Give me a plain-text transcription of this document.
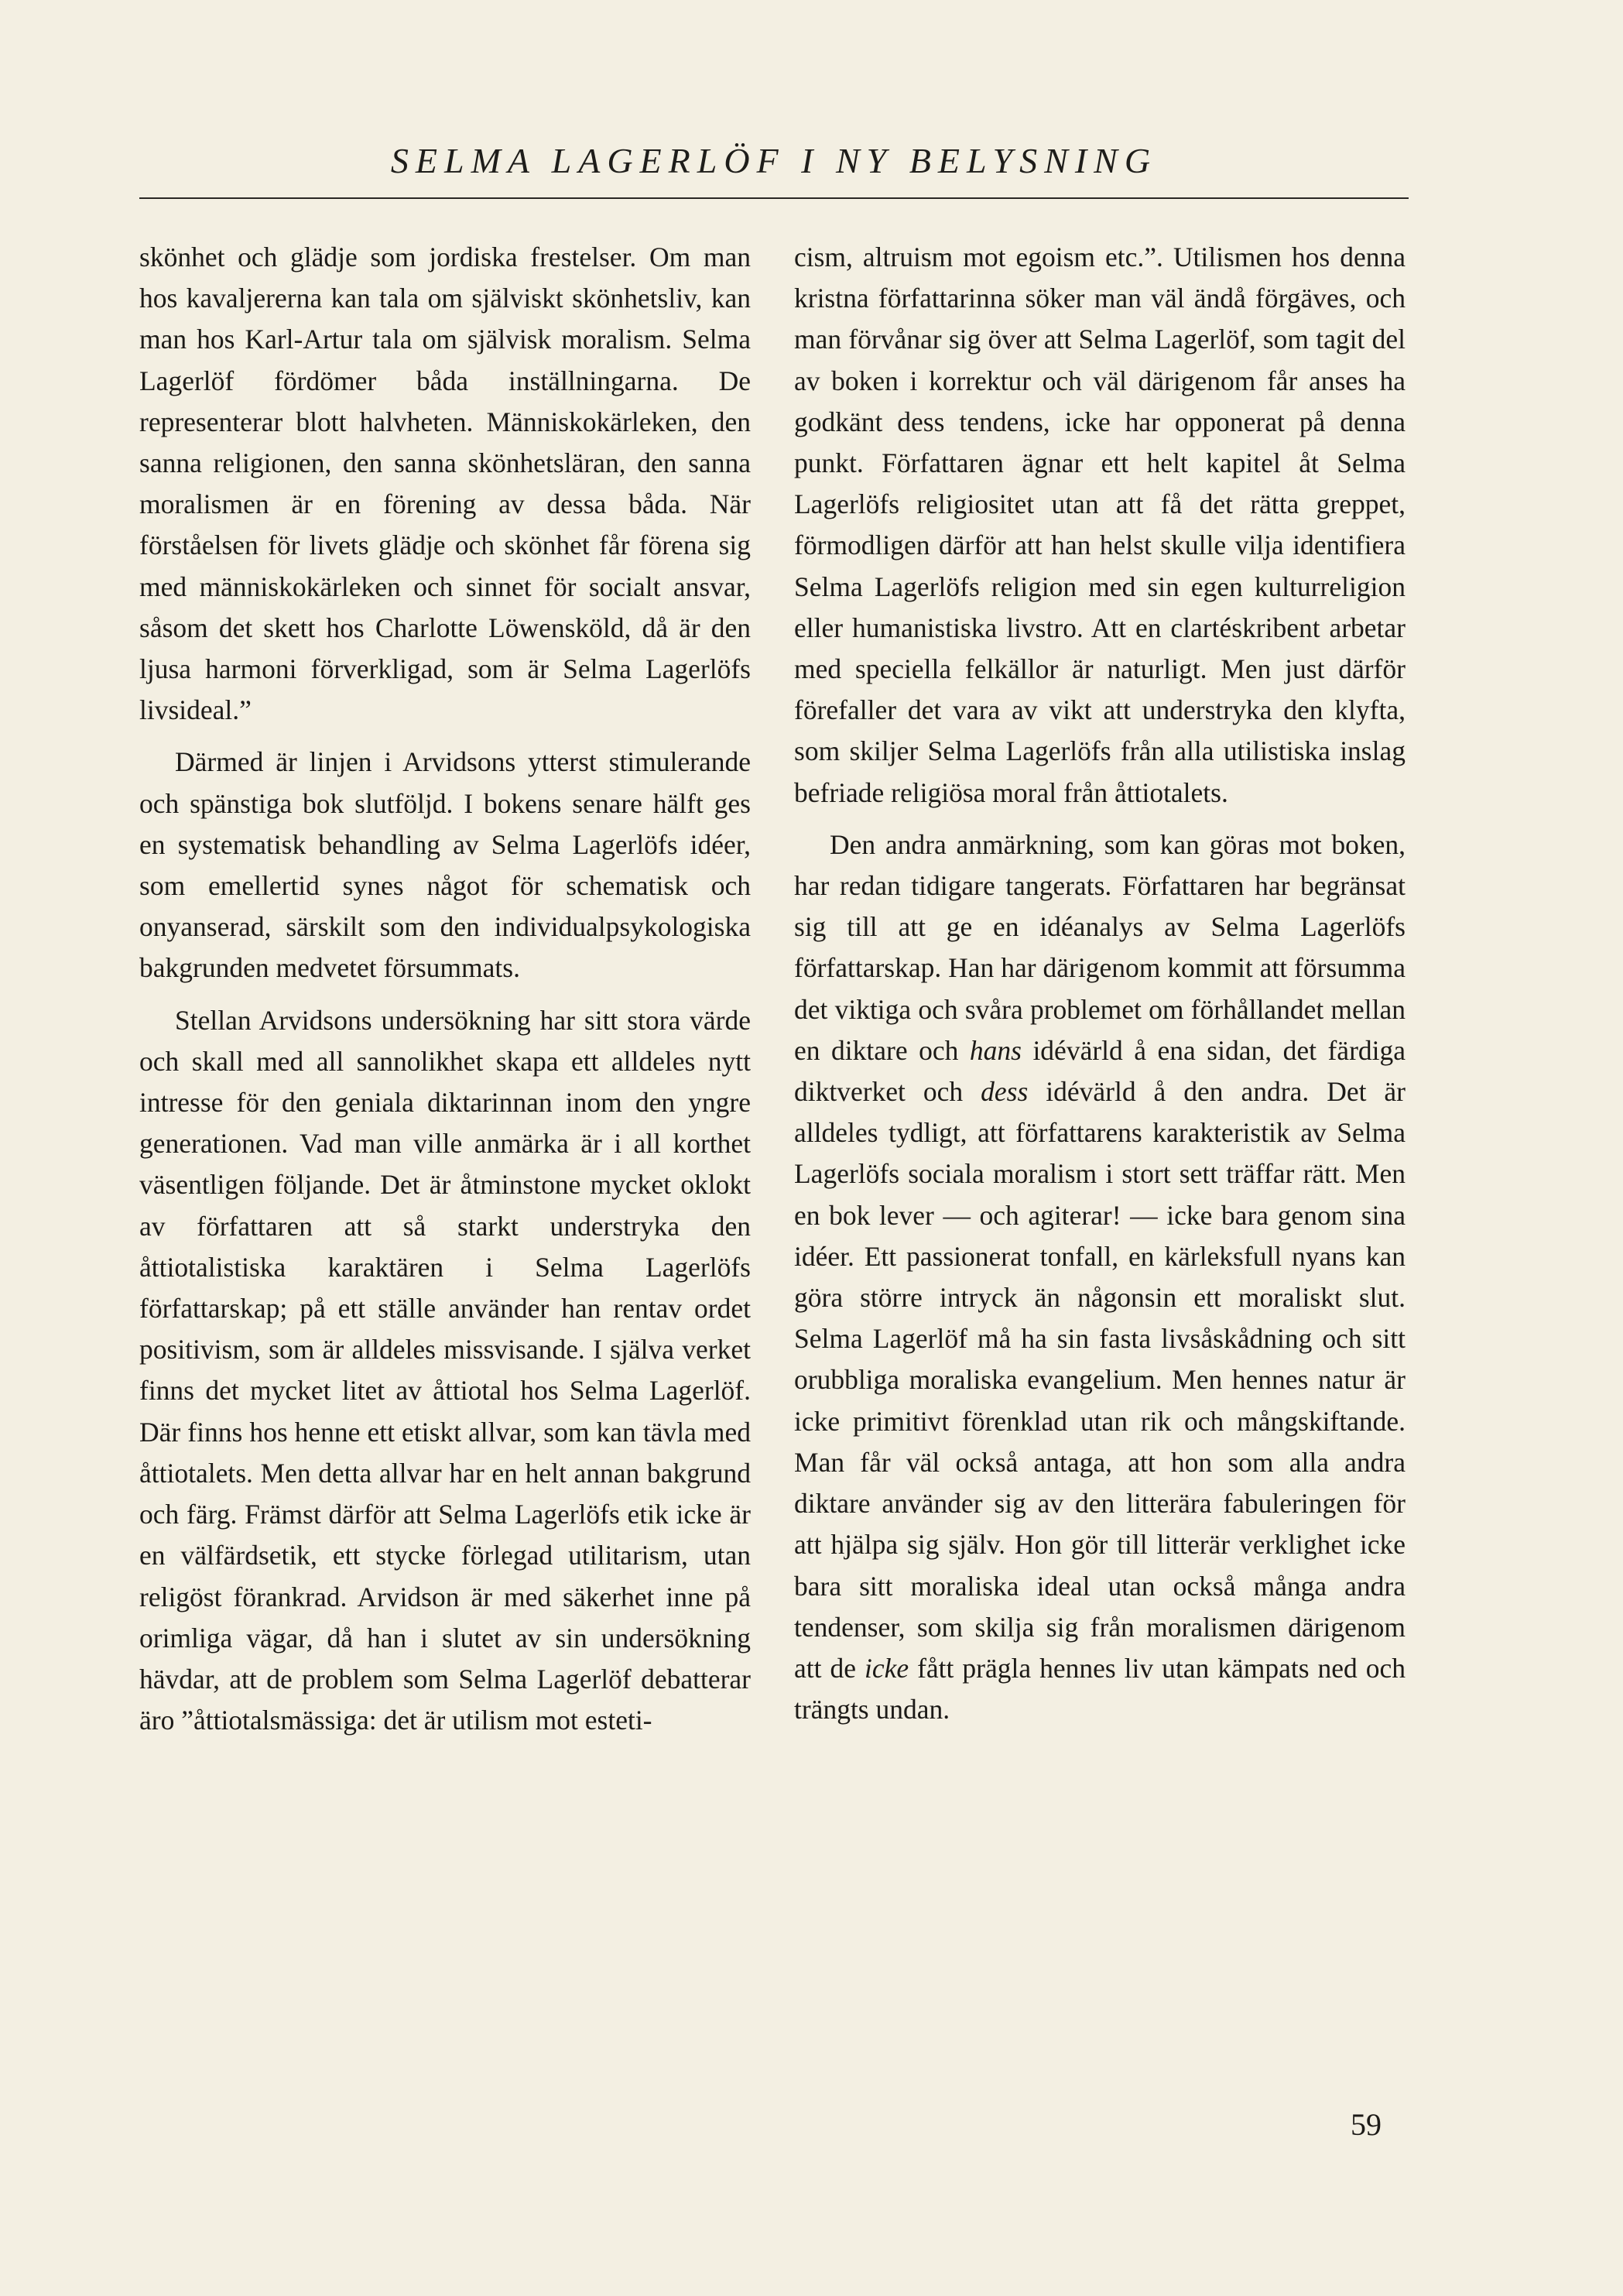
SELMA LAGERLÖF I NY BELYSNING

skönhet och glädje som jordiska frestelser. Om man hos kavaljererna kan tala om själviskt skönhetsliv, kan man hos Karl-Artur tala om självisk moralism. Selma Lagerlöf fördömer båda inställningarna. De representerar blott halvheten. Människokärleken, den sanna religionen, den sanna skönhetsläran, den sanna moralismen är en förening av dessa båda. När förståelsen för livets glädje och skönhet får förena sig med människokärleken och sinnet för socialt ansvar, såsom det skett hos Charlotte Löwensköld, då är den ljusa harmoni förverkligad, som är Selma Lagerlöfs livsideal.”

Därmed är linjen i Arvidsons ytterst stimulerande och spänstiga bok slutföljd. I bokens senare hälft ges en systematisk behandling av Selma Lagerlöfs idéer, som emellertid synes något för schematisk och onyanserad, särskilt som den individualpsykologiska bakgrunden medvetet försummats.

Stellan Arvidsons undersökning har sitt stora värde och skall med all sannolikhet skapa ett alldeles nytt intresse för den geniala diktarinnan inom den yngre generationen. Vad man ville anmärka är i all korthet väsentligen följande. Det är åtminstone mycket oklokt av författaren att så starkt understryka den åttiotalistiska karaktären i Selma Lagerlöfs författarskap; på ett ställe använder han rentav ordet positivism, som är alldeles missvisande. I själva verket finns det mycket litet av åttiotal hos Selma Lagerlöf. Där finns hos henne ett etiskt allvar, som kan tävla med åttiotalets. Men detta allvar har en helt annan bakgrund och färg. Främst därför att Selma Lagerlöfs etik icke är en välfärdsetik, ett stycke förlegad utilitarism, utan religöst förankrad. Arvidson är med säkerhet inne på orimliga vägar, då han i slutet av sin undersökning hävdar, att de problem som Selma Lagerlöf debatterar äro ”åttiotalsmässiga: det är utilism mot esteti-

cism, altruism mot egoism etc.”. Utilismen hos denna kristna författarinna söker man väl ändå förgäves, och man förvånar sig över att Selma Lagerlöf, som tagit del av boken i korrektur och väl därigenom får anses ha godkänt dess tendens, icke har opponerat på denna punkt. Författaren ägnar ett helt kapitel åt Selma Lagerlöfs religiositet utan att få det rätta greppet, förmodligen därför att han helst skulle vilja identifiera Selma Lagerlöfs religion med sin egen kulturreligion eller humanistiska livstro. Att en clartéskribent arbetar med speciella felkällor är naturligt. Men just därför förefaller det vara av vikt att understryka den klyfta, som skiljer Selma Lagerlöfs från alla utilistiska inslag befriade religiösa moral från åttiotalets.

Den andra anmärkning, som kan göras mot boken, har redan tidigare tangerats. Författaren har begränsat sig till att ge en idéanalys av Selma Lagerlöfs författarskap. Han har därigenom kommit att försumma det viktiga och svåra problemet om förhållandet mellan en diktare och hans idévärld å ena sidan, det färdiga diktverket och dess idévärld å den andra. Det är alldeles tydligt, att författarens karakteristik av Selma Lagerlöfs sociala moralism i stort sett träffar rätt. Men en bok lever — och agiterar! — icke bara genom sina idéer. Ett passionerat tonfall, en kärleksfull nyans kan göra större intryck än någonsin ett moraliskt slut. Selma Lagerlöf må ha sin fasta livsåskådning och sitt orubbliga moraliska evangelium. Men hennes natur är icke primitivt förenklad utan rik och mångskiftande. Man får väl också antaga, att hon som alla andra diktare använder sig av den litterära fabuleringen för att hjälpa sig själv. Hon gör till litterär verklighet icke bara sitt moraliska ideal utan också många andra tendenser, som skilja sig från moralismen därigenom att de icke fått prägla hennes liv utan kämpats ned och trängts undan.

59
